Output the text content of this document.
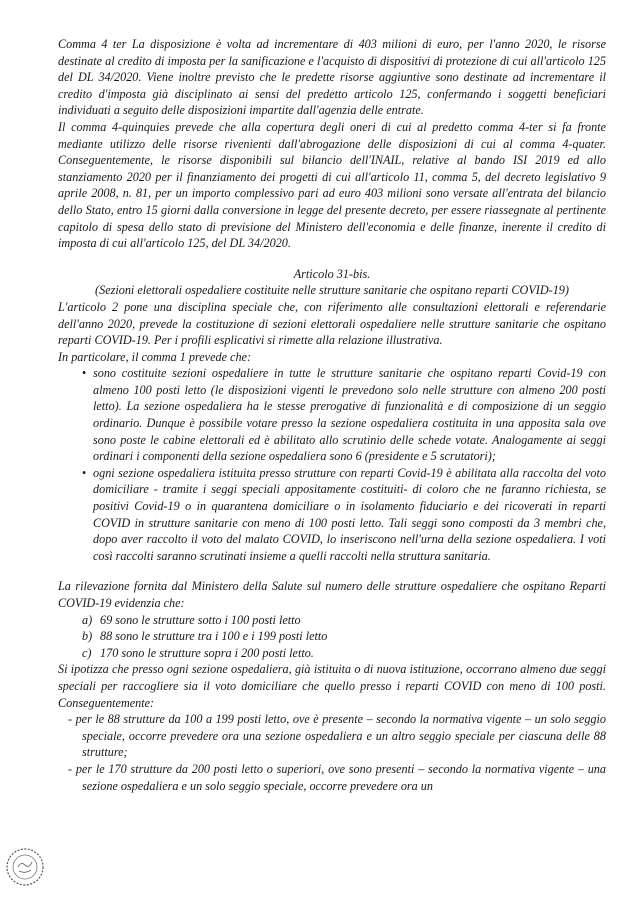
Comma 4 ter La disposizione è volta ad incrementare di 403 milioni di euro, per l'anno 2020, le risorse destinate al credito di imposta per la sanificazione e l'acquisto di dispositivi di protezione di cui all'articolo 125 del DL 34/2020. Viene inoltre previsto che le predette risorse aggiuntive sono destinate ad incrementare il credito d'imposta già disciplinato ai sensi del predetto articolo 125, confermando i soggetti beneficiari individuati a seguito delle disposizioni impartite dall'agenzia delle entrate.

Il comma 4-quinquies prevede che alla copertura degli oneri di cui al predetto comma 4-ter si fa fronte mediante utilizzo delle risorse rivenienti dall'abrogazione delle disposizioni di cui al comma 4-quater. Conseguentemente, le risorse disponibili sul bilancio dell'INAIL, relative al bando ISI 2019 ed allo stanziamento 2020 per il finanziamento dei progetti di cui all'articolo 11, comma 5, del decreto legislativo 9 aprile 2008, n. 81, per un importo complessivo pari ad euro 403 milioni sono versate all'entrata del bilancio dello Stato, entro 15 giorni dalla conversione in legge del presente decreto, per essere riassegnate al pertinente capitolo di spesa dello stato di previsione del Ministero dell'economia e delle finanze, inerente il credito di imposta di cui all'articolo 125, del DL 34/2020.

Articolo 31-bis.

(Sezioni elettorali ospedaliere costituite nelle strutture sanitarie che ospitano reparti COVID-19)

L'articolo 2 pone una disciplina speciale che, con riferimento alle consultazioni elettorali e referendarie dell'anno 2020, prevede la costituzione di sezioni elettorali ospedaliere nelle strutture sanitarie che ospitano reparti COVID-19. Per i profili esplicativi si rimette alla relazione illustrativa.

In particolare, il comma 1 prevede che:

• sono costituite sezioni ospedaliere in tutte le strutture sanitarie che ospitano reparti Covid-19 con almeno 100 posti letto (le disposizioni vigenti le prevedono solo nelle strutture con almeno 200 posti letto). La sezione ospedaliera ha le stesse prerogative di funzionalità e di composizione di un seggio ordinario. Dunque è possibile votare presso la sezione ospedaliera costituita in una apposita sala ove sono poste le cabine elettorali ed è abilitato allo scrutinio delle schede votate. Analogamente ai seggi ordinari i componenti della sezione ospedaliera sono 6 (presidente e 5 scrutatori);
• ogni sezione ospedaliera istituita presso strutture con reparti Covid-19 è abilitata alla raccolta del voto domiciliare - tramite i seggi speciali appositamente costituiti- di coloro che ne faranno richiesta, se positivi Covid-19 o in quarantena domiciliare o in isolamento fiduciario e dei ricoverati in reparti COVID in strutture sanitarie con meno di 100 posti letto. Tali seggi sono composti da 3 membri che, dopo aver raccolto il voto del malato COVID, lo inseriscono nell'urna della sezione ospedaliera. I voti così raccolti saranno scrutinati insieme a quelli raccolti nella struttura sanitaria.

La rilevazione fornita dal Ministero della Salute sul numero delle strutture ospedaliere che ospitano Reparti COVID-19 evidenzia che:

a) 69 sono le strutture sotto i 100 posti letto
b) 88 sono le strutture tra i 100 e i 199 posti letto
c) 170 sono le strutture sopra i 200 posti letto.

Si ipotizza che presso ogni sezione ospedaliera, già istituita o di nuova istituzione, occorrano almeno due seggi speciali per raccogliere sia il voto domiciliare che quello presso i reparti COVID con meno di 100 posti. Conseguentemente:

- per le 88 strutture da 100 a 199 posti letto, ove è presente – secondo la normativa vigente – un solo seggio speciale, occorre prevedere ora una sezione ospedaliera e un altro seggio speciale per ciascuna delle 88 strutture;
- per le 170 strutture da 200 posti letto o superiori, ove sono presenti – secondo la normativa vigente – una sezione ospedaliera e un solo seggio speciale, occorre prevedere ora un
